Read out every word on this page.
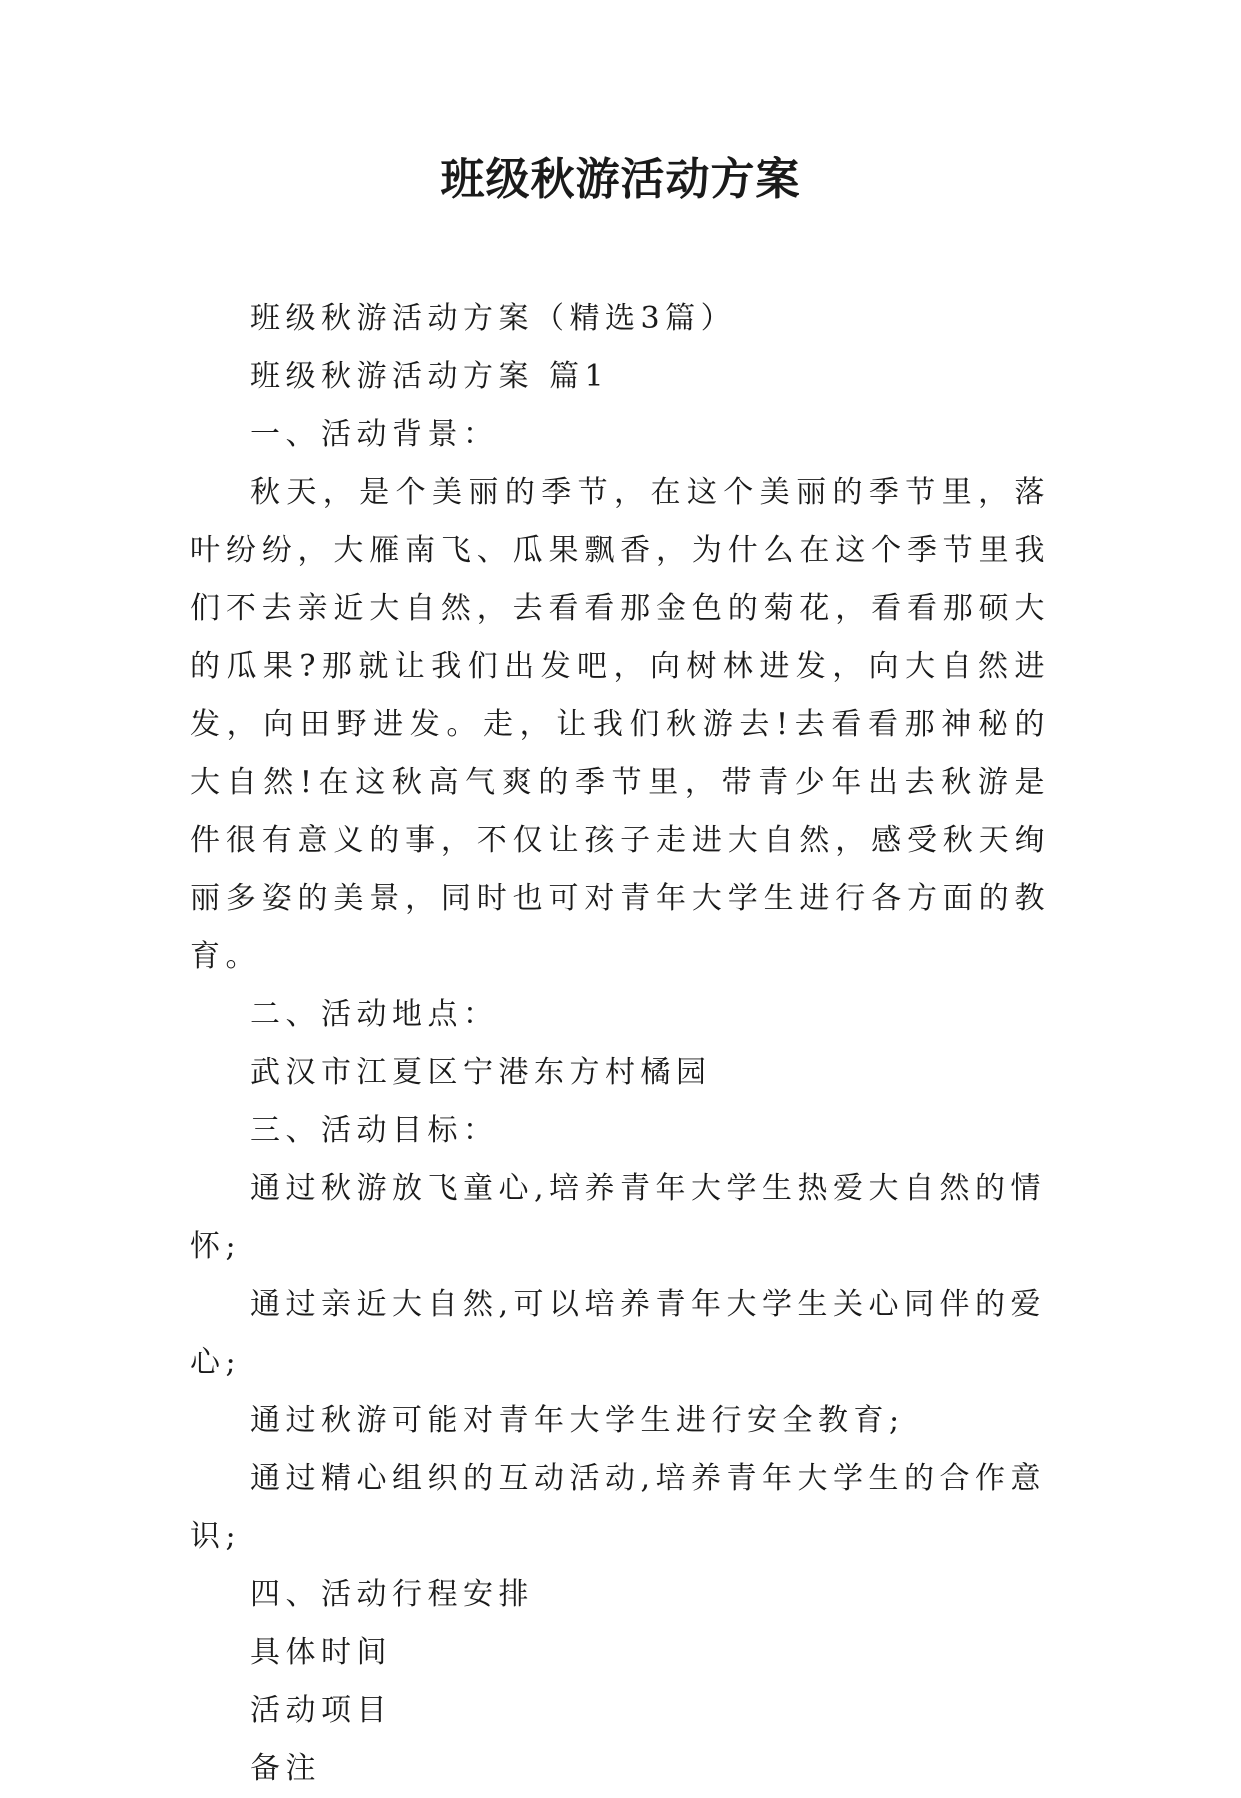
班级秋游活动方案

班级秋游活动方案（精选3篇）

班级秋游活动方案 篇1

一、活动背景：

秋天，是个美丽的季节，在这个美丽的季节里，落叶纷纷，大雁南飞、瓜果飘香，为什么在这个季节里我们不去亲近大自然，去看看那金色的菊花，看看那硕大的瓜果?那就让我们出发吧，向树林进发，向大自然进发，向田野进发。走，让我们秋游去!去看看那神秘的大自然!在这秋高气爽的季节里，带青少年出去秋游是件很有意义的事，不仅让孩子走进大自然，感受秋天绚丽多姿的美景，同时也可对青年大学生进行各方面的教育。

二、活动地点：

武汉市江夏区宁港东方村橘园

三、活动目标：

通过秋游放飞童心,培养青年大学生热爱大自然的情怀;

通过亲近大自然,可以培养青年大学生关心同伴的爱心;

通过秋游可能对青年大学生进行安全教育;

通过精心组织的互动活动,培养青年大学生的合作意识;

四、活动行程安排

具体时间

活动项目

备注
